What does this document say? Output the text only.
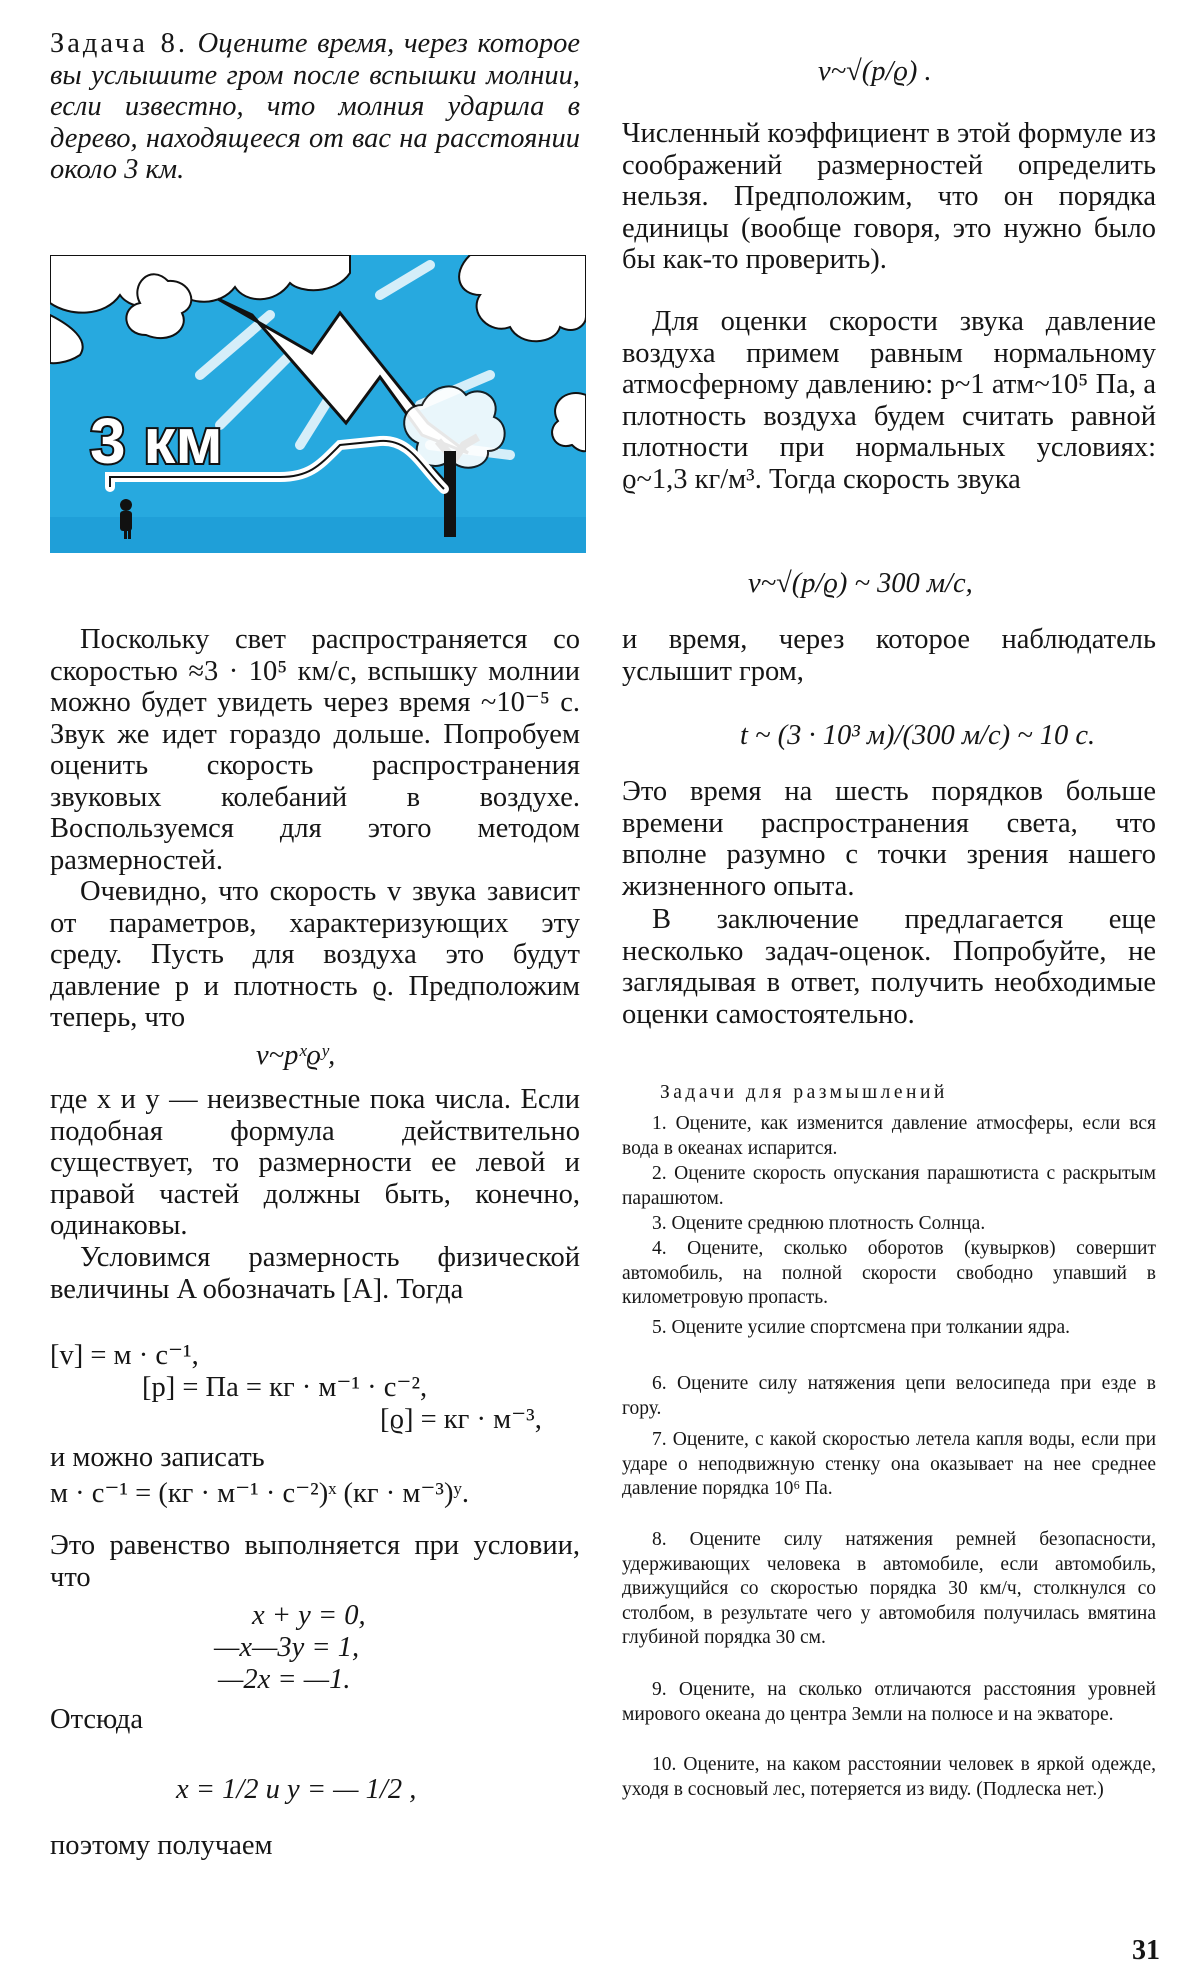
Задача 8. Оцените время, через которое вы услышите гром после вспышки молнии, если известно, что молния ударила в дерево, находящееся от вас на расстоянии около 3 км.
3 км

Поскольку свет распространяется со скоростью ≈3 · 10⁵ км/с, вспышку молнии можно будет увидеть через время ~10⁻⁵ с. Звук же идет гораздо дольше. Попробуем оценить скорость распространения звуковых колебаний в воздухе. Воспользуемся для этого методом размерностей.

Очевидно, что скорость v звука зависит от параметров, характеризующих эту среду. Пусть для воздуха это будут давление p и плотность ϱ. Предположим теперь, что

v~pˣϱʸ,

где x и y — неизвестные пока числа. Если подобная формула действительно существует, то размерности ее левой и правой частей должны быть, конечно, одинаковы.

Условимся размерность физической величины A обозначать [A]. Тогда

[v] = м · с⁻¹,
[p] = Па = кг · м⁻¹ · с⁻²,
[ϱ] = кг · м⁻³,

и можно записать

м · с⁻¹ = (кг · м⁻¹ · с⁻²)ˣ (кг · м⁻³)ʸ.

Это равенство выполняется при условии, что

x + y = 0,
—x—3y = 1,
—2x = —1.

Отсюда

x = 1/2 и y = — 1/2 ,

поэтому получаем

v~√(p/ϱ) .

Численный коэффициент в этой формуле из соображений размерностей определить нельзя. Предположим, что он порядка единицы (вообще говоря, это нужно было бы как-то проверить).

Для оценки скорости звука давление воздуха примем равным нормальному атмосферному давлению: p~1 атм~10⁵ Па, а плотность воздуха будем считать равной плотности при нормальных условиях: ϱ~1,3 кг/м³. Тогда скорость звука

v~√(p/ϱ) ~ 300 м/с,

и время, через которое наблюдатель услышит гром,

t ~ (3 · 10³ м)/(300 м/с) ~ 10 с.

Это время на шесть порядков больше времени распространения света, что вполне разумно с точки зрения нашего жизненного опыта.

В заключение предлагается еще несколько задач-оценок. Попробуйте, не заглядывая в ответ, получить необходимые оценки самостоятельно.

Задачи для размышлений

1. Оцените, как изменится давление атмосферы, если вся вода в океанах испарится.

2. Оцените скорость опускания парашютиста с раскрытым парашютом.

3. Оцените среднюю плотность Солнца.

4. Оцените, сколько оборотов (кувырков) совершит автомобиль, на полной скорости свободно упавший в километровую пропасть.

5. Оцените усилие спортсмена при толкании ядра.

6. Оцените силу натяжения цепи велосипеда при езде в гору.

7. Оцените, с какой скоростью летела капля воды, если при ударе о неподвижную стенку она оказывает на нее среднее давление порядка 10⁶ Па.

8. Оцените силу натяжения ремней безопасности, удерживающих человека в автомобиле, если автомобиль, движущийся со скоростью порядка 30 км/ч, столкнулся со столбом, в результате чего у автомобиля получилась вмятина глубиной порядка 30 см.

9. Оцените, на сколько отличаются расстояния уровней мирового океана до центра Земли на полюсе и на экваторе.

10. Оцените, на каком расстоянии человек в яркой одежде, уходя в сосновый лес, потеряется из виду. (Подлеска нет.)

31
